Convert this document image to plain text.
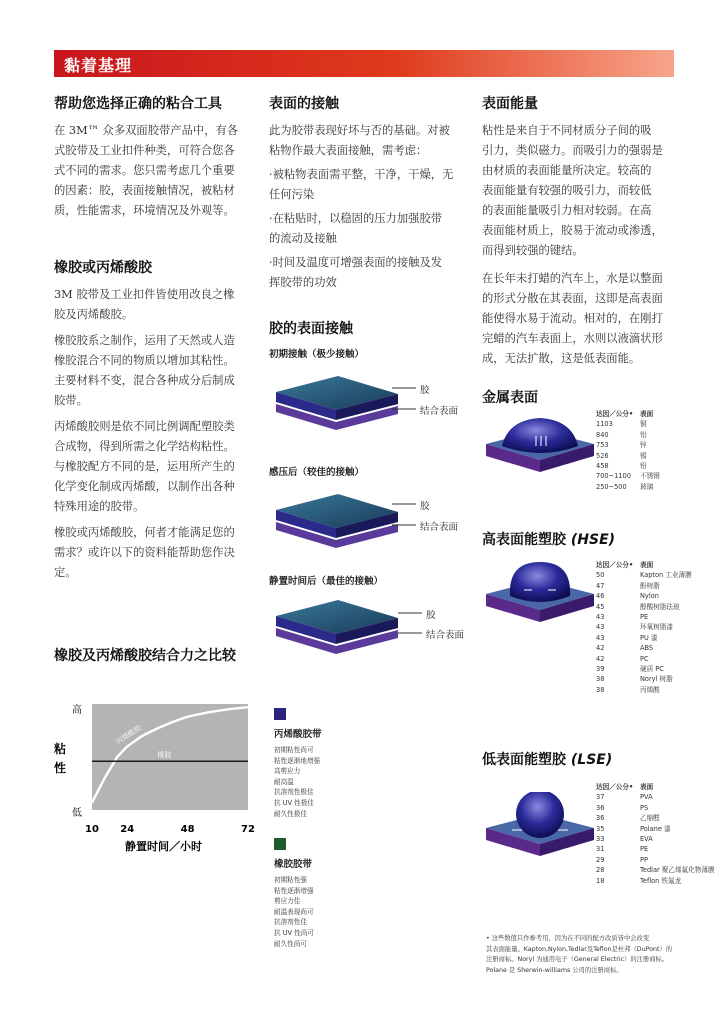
黏着基理
帮助您选择正确的粘合工具

在 3M™ 众多双面胶带产品中，有各
式胶带及工业扣件种类，可符合您各
式不同的需求。您只需考虑几个重要
的因素：胶，表面接触情况，被粘材
质，性能需求，环境情况及外观等。

橡胶或丙烯酸胶

3M 胶带及工业扣件皆使用改良之橡
胶及丙烯酸胶。

橡胶胶系之制作，运用了天然或人造
橡胶混合不同的物质以增加其粘性。
主要材料不变，混合各种成分后制成
胶带。

丙烯酸胶则是依不同比例调配塑胶类
合成物，得到所需之化学结构粘性。
与橡胶配方不同的是，运用所产生的
化学变化制成丙烯酸，以制作出各种
特殊用途的胶带。

橡胶或丙烯酸胶，何者才能满足您的
需求？或许以下的资料能帮助您作决
定。

橡胶及丙烯酸胶结合力之比较
丙烯酸胶
橡胶
高
低
粘
性
10 24	48	72
静置时间／小时
表面的接触

此为胶带表现好坏与否的基础。对被
粘物作最大表面接触，需考虑：

·被粘物表面需平整，干净，干燥，无
任何污染

·在粘贴时，以稳固的压力加强胶带
的流动及接触

·时间及温度可增强表面的接触及发
挥胶带的功效

胶的表面接触
初期接触（极少接触）
胶
结合表面
感压后（较佳的接触）
胶
结合表面
静置时间后（最佳的接触）
胶
结合表面
丙烯酸胶带
初期粘性尚可
粘性逐渐地增强
高剪应力
耐高温
抗溶剂性极佳
抗 UV 性极佳
耐久性极佳
橡胶胶带
初期粘性强
粘性逐渐增强
剪应力佳
耐温表现尚可
抗溶剂性佳
抗 UV 性尚可
耐久性尚可
表面能量

粘性是来自于不同材质分子间的吸
引力，类似磁力。而吸引力的强弱是
由材质的表面能量所决定。较高的
表面能量有较强的吸引力，而较低
的表面能量吸引力相对较弱。在高
表面能材质上，胶易于流动或渗透，
而得到较强的键结。

在长年未打蜡的汽车上，水是以整面
的形式分散在其表面，这即是高表面
能使得水易于流动。相对的，在刚打
完蜡的汽车表面上，水则以液滴状形
成，无法扩散，这是低表面能。

金属表面
达因／公分•	表面
1103	铜
840	铝
753	锌
526	锡
458	铅
700~1100	不锈钢
250~500	玻璃
高表面能塑胶 (HSE)
达因／公分•	表面
50	Kapton 工业薄膜
47	酚树脂
46	Nylon
45	醇酸树脂珐琅
43	PE
43	环氧树脂漆
43	PU 漆
42	ABS
42	PC
39	硬质 PC
38	Noryl 树脂
38	丙烯酸
低表面能塑胶 (LSE)
达因／公分•	表面
37	PVA
36	PS
36	乙缩醛
35	Polane 漆
33	EVA
31	PE
29	PP
28	Tedlar 聚乙烯氟化物薄膜
18	Teflon 铁氟龙
• 这些数值只作参考用，因为在不同的配方改质皆中会改变
其表面能量。Kapton,Nylon,Tedlar及Teflon是杜邦（DuPont）的
注册商标。Noryl 为通用电子（General Electric）的注册商标。
Polane 是 Sherwin-williams 公司的注册商标。
